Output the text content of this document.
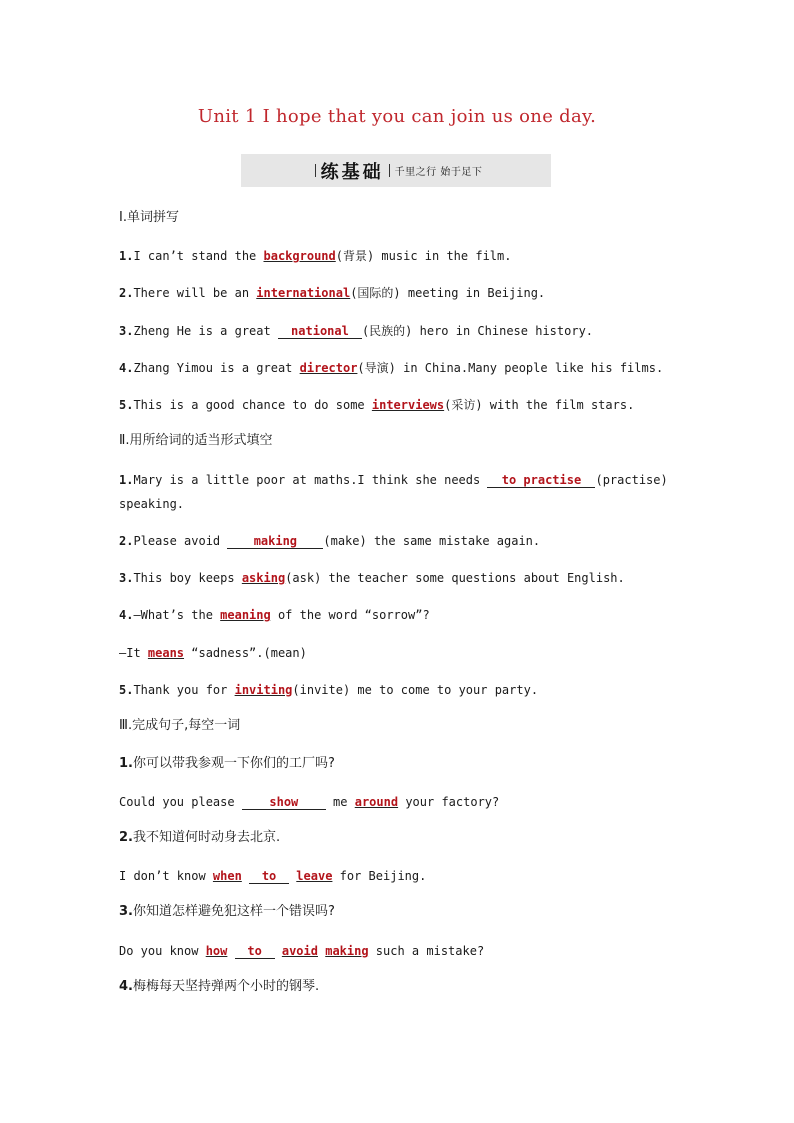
Unit 1 I hope that you can join us one day.
练基础 千里之行 始于足下
Ⅰ.单词拼写
1.I can’t stand the background(背景) music in the film.
2.There will be an international(国际的) meeting in Beijing.
3.Zheng He is a great national (民族的) hero in Chinese history.
4.Zhang Yimou is a great director(导演) in China.Many people like his films.
5.This is a good chance to do some interviews(采访) with the film stars.
Ⅱ.用所给词的适当形式填空
1.Mary is a little poor at maths.I think she needs to practise (practise)
speaking.
2.Please avoid making (make) the same mistake again.
3.This boy keeps asking(ask) the teacher some questions about English.
4.—What’s the meaning of the word “sorrow”?
—It means “sadness”.(mean)
5.Thank you for inviting(invite) me to come to your party.
Ⅲ.完成句子,每空一词
1.你可以带我参观一下你们的工厂吗?
Could you please show me around your factory?
2.我不知道何时动身去北京.
I don’t know when to leave for Beijing.
3.你知道怎样避免犯这样一个错误吗?
Do you know how to avoid making such a mistake?
4.梅梅每天坚持弹两个小时的钢琴.
